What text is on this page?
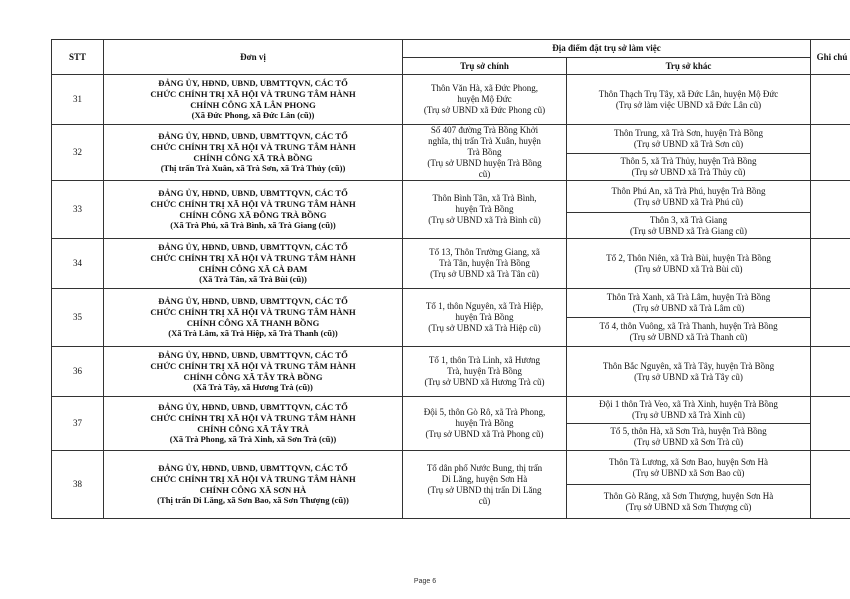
STT	Đơn vị	Địa điểm đặt trụ sở làm việc		Ghi chú
		Trụ sở chính	Trụ sở khác	
31	ĐẢNG ỦY, HĐND, UBND, UBMTTQVN, CÁC TỔ
CHỨC CHÍNH TRỊ XÃ HỘI VÀ TRUNG TÂM HÀNH
CHÍNH CÔNG XÃ LÂN PHONG
(Xã Đức Phong, xã Đức Lân (cũ))	Thôn Văn Hà, xã Đức Phong,
huyện Mộ Đức
(Trụ sở UBND xã Đức Phong cũ)	Thôn Thạch Trụ Tây, xã Đức Lân, huyện Mộ Đức
(Trụ sở làm việc UBND xã Đức Lân cũ)	

32	ĐẢNG ỦY, HĐND, UBND, UBMTTQVN, CÁC TỔ
CHỨC CHÍNH TRỊ XÃ HỘI VÀ TRUNG TÂM HÀNH
CHÍNH CÔNG XÃ TRÀ BỒNG
(Thị trấn Trà Xuân, xã Trà Sơn, xã Trà Thủy (cũ))	Số 407 đường Trà Bồng Khởi
nghĩa, thị trấn Trà Xuân, huyện
Trà Bồng
(Trụ sở UBND huyện Trà Bồng
cũ)	Thôn Trung, xã Trà Sơn, huyện Trà Bồng
(Trụ sở UBND xã Trà Sơn cũ)	

			Thôn 5, xã Trà Thủy, huyện Trà Bồng
(Trụ sở UBND xã Trà Thủy cũ)	

33	ĐẢNG ỦY, HĐND, UBND, UBMTTQVN, CÁC TỔ
CHỨC CHÍNH TRỊ XÃ HỘI VÀ TRUNG TÂM HÀNH
CHÍNH CÔNG XÃ ĐÔNG TRÀ BỒNG
(Xã Trà Phú, xã Trà Bình, xã Trà Giang (cũ))	Thôn Bình Tân, xã Trà Bình,
huyện Trà Bồng
(Trụ sở UBND xã Trà Bình cũ)	Thôn Phú An, xã Trà Phú, huyện Trà Bồng
(Trụ sở UBND xã Trà Phú cũ)	

			Thôn 3, xã Trà Giang
(Trụ sở UBND xã Trà Giang cũ)	

34	ĐẢNG ỦY, HĐND, UBND, UBMTTQVN, CÁC TỔ
CHỨC CHÍNH TRỊ XÃ HỘI VÀ TRUNG TÂM HÀNH
CHÍNH CÔNG XÃ CÀ ĐAM
(Xã Trà Tân, xã Trà Bùi (cũ))	Tổ 13, Thôn Trường Giang, xã
Trà Tân, huyện Trà Bồng
(Trụ sở UBND xã Trà Tân cũ)	Tổ 2, Thôn Niên, xã Trà Bùi, huyện Trà Bồng
(Trụ sở UBND xã Trà Bùi cũ)	

35	ĐẢNG ỦY, HĐND, UBND, UBMTTQVN, CÁC TỔ
CHỨC CHÍNH TRỊ XÃ HỘI VÀ TRUNG TÂM HÀNH
CHÍNH CÔNG XÃ THANH BỒNG
(Xã Trà Lâm, xã Trà Hiệp, xã Trà Thanh (cũ))	Tổ 1, thôn Nguyên, xã Trà Hiệp,
huyện Trà Bồng
(Trụ sở UBND xã Trà Hiệp cũ)	Thôn Trà Xanh, xã Trà Lâm, huyện Trà Bồng
(Trụ sở UBND xã Trà Lâm cũ)	

			Tổ 4, thôn Vuông, xã Trà Thanh, huyện Trà Bồng
(Trụ sở UBND xã Trà Thanh cũ)	

36	ĐẢNG ỦY, HĐND, UBND, UBMTTQVN, CÁC TỔ
CHỨC CHÍNH TRỊ XÃ HỘI VÀ TRUNG TÂM HÀNH
CHÍNH CÔNG XÃ TÂY TRÀ BỒNG
(Xã Trà Tây, xã Hương Trà (cũ))	Tổ 1, thôn Trà Linh, xã Hương
Trà, huyện Trà Bồng
(Trụ sở UBND xã Hương Trà cũ)	Thôn Bắc Nguyên, xã Trà Tây, huyện Trà Bồng
(Trụ sở UBND xã Trà Tây cũ)	

37	ĐẢNG ỦY, HĐND, UBND, UBMTTQVN, CÁC TỔ
CHỨC CHÍNH TRỊ XÃ HỘI VÀ TRUNG TÂM HÀNH
CHÍNH CÔNG XÃ TÂY TRÀ
(Xã Trà Phong, xã Trà Xinh, xã Sơn Trà (cũ))	Đội 5, thôn Gò Rô, xã Trà Phong,
huyện Trà Bồng
(Trụ sở UBND xã Trà Phong cũ)	Đội 1 thôn Trà Veo, xã Trà Xinh, huyện Trà Bồng
(Trụ sở UBND xã Trà Xinh cũ)	

			Tổ 5, thôn Hà, xã Sơn Trà, huyện Trà Bồng
(Trụ sở UBND xã Sơn Trà cũ)	

38	ĐẢNG ỦY, HĐND, UBND, UBMTTQVN, CÁC TỔ
CHỨC CHÍNH TRỊ XÃ HỘI VÀ TRUNG TÂM HÀNH
CHÍNH CÔNG XÃ SƠN HÀ
(Thị trấn Di Lăng, xã Sơn Bao, xã Sơn Thượng (cũ))	Tổ dân phố Nước Bung, thị trấn
Di Lăng, huyện Sơn Hà
(Trụ sở UBND thị trấn Di Lăng
cũ)	Thôn Tà Lương, xã Sơn Bao, huyện Sơn Hà
(Trụ sở UBND xã Sơn Bao cũ)	

			Thôn Gò Răng, xã Sơn Thượng, huyện Sơn Hà
(Trụ sở UBND xã Sơn Thượng cũ)	
Page 6
